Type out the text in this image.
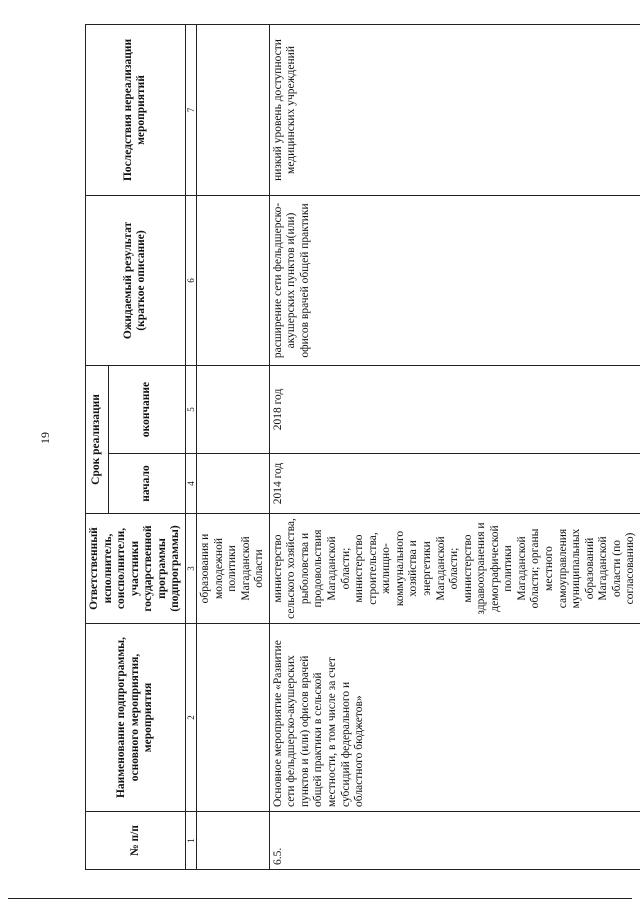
19
№ п/п	Наименование подпрограммы, основного мероприятия, мероприятия	Ответственный исполнитель, соисполнители, участники государственной программы (подпрограммы)	Срок реализации		Ожидаемый результат (краткое описание)	Последствия нереализации мероприятий
			начало	окончание		
1	2	3	4	5	6	7
		образования и молодежной политики Магаданской области				
6.5.	Основное мероприятие «Развитие сети фельдшерско-акушерских пунктов и (или) офисов врачей общей практики в сельской местности, в том числе за счет субсидий федерального и областного бюджетов»	министерство сельского хозяйства, рыболовства и продовольствия Магаданской области; министерство строительства, жилищно-коммунального хозяйства и энергетики Магаданской области; министерство здравоохранения и демографической политики Магаданской области; органы местного самоуправления муниципальных образований Магаданской области (по согласованию)	2014 год	2018 год	расширение сети фельдшерско-акушерских пунктов и(или) офисов врачей общей практики	низкий уровень доступности медицинских учреждений
